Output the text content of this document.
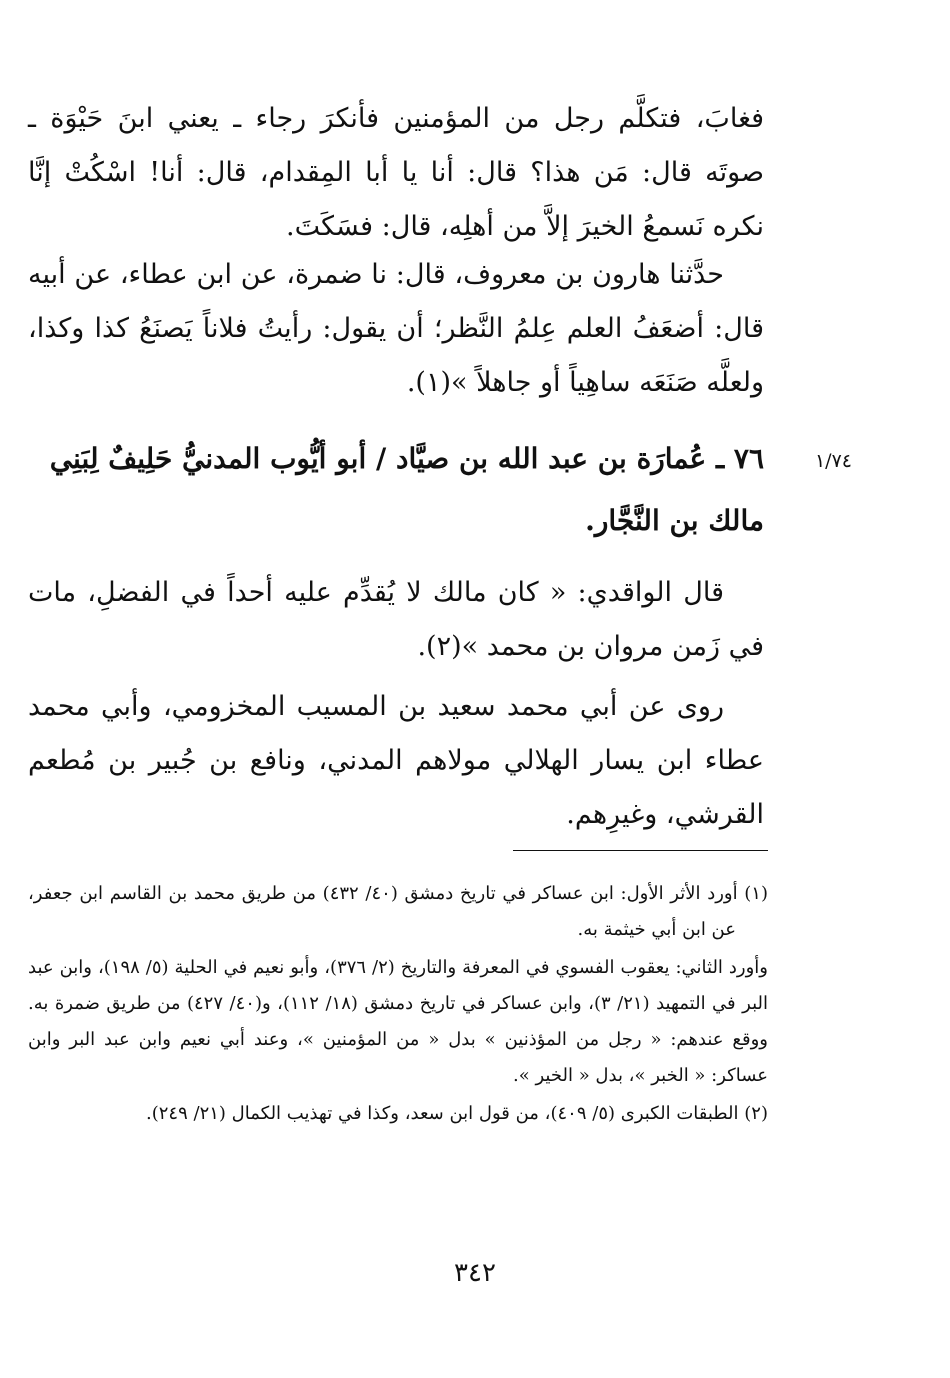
فغابَ، فتكلَّم رجل من المؤمنين فأنكرَ رجاء ـ يعني ابنَ حَيْوَة ـ صوتَه قال: مَن هذا؟ قال: أنا يا أبا المِقدام، قال: أنا! اسْكُتْ إنَّا نكره نَسمعُ الخيرَ إلاَّ من أهلِه، قال: فسَكَتَ.

حدَّثنا هارون بن معروف، قال: نا ضمرة، عن ابن عطاء، عن أبيه قال: أضعَفُ العلم عِلمُ النَّظر؛ أن يقول: رأيتُ فلاناً يَصنَعُ كذا وكذا، ولعلَّه صَنَعَه ساهِياً أو جاهلاً »(١).

١/٧٤

٧٦ ـ عُمارَة بن عبد الله بن صيَّاد / أبو أيُّوب المدنيُّ حَلِيفٌ لِبَنِي مالك بن النَّجَّار.

قال الواقدي: « كان مالك لا يُقدِّم عليه أحداً في الفضلِ، مات في زَمن مروان بن محمد »(٢).

روى عن أبي محمد سعيد بن المسيب المخزومي، وأبي محمد عطاء ابن يسار الهلالي مولاهم المدني، ونافع بن جُبير بن مُطعم القرشي، وغيرِهم.

(١) أورد الأثر الأول: ابن عساكر في تاريخ دمشق (٤٠/ ٤٣٢) من طريق محمد بن القاسم ابن جعفر، عن ابن أبي خيثمة به.

وأورد الثاني: يعقوب الفسوي في المعرفة والتاريخ (٢/ ٣٧٦)، وأبو نعيم في الحلية (٥/ ١٩٨)، وابن عبد البر في التمهيد (٢١/ ٣)، وابن عساكر في تاريخ دمشق (١٨/ ١١٢)، و(٤٠/ ٤٢٧) من طريق ضمرة به. ووقع عندهم: « رجل من المؤذنين » بدل « من المؤمنين »، وعند أبي نعيم وابن عبد البر وابن عساكر: « الخبر »، بدل « الخير ».

(٢) الطبقات الكبرى (٥/ ٤٠٩)، من قول ابن سعد، وكذا في تهذيب الكمال (٢١/ ٢٤٩).

٣٤٢
